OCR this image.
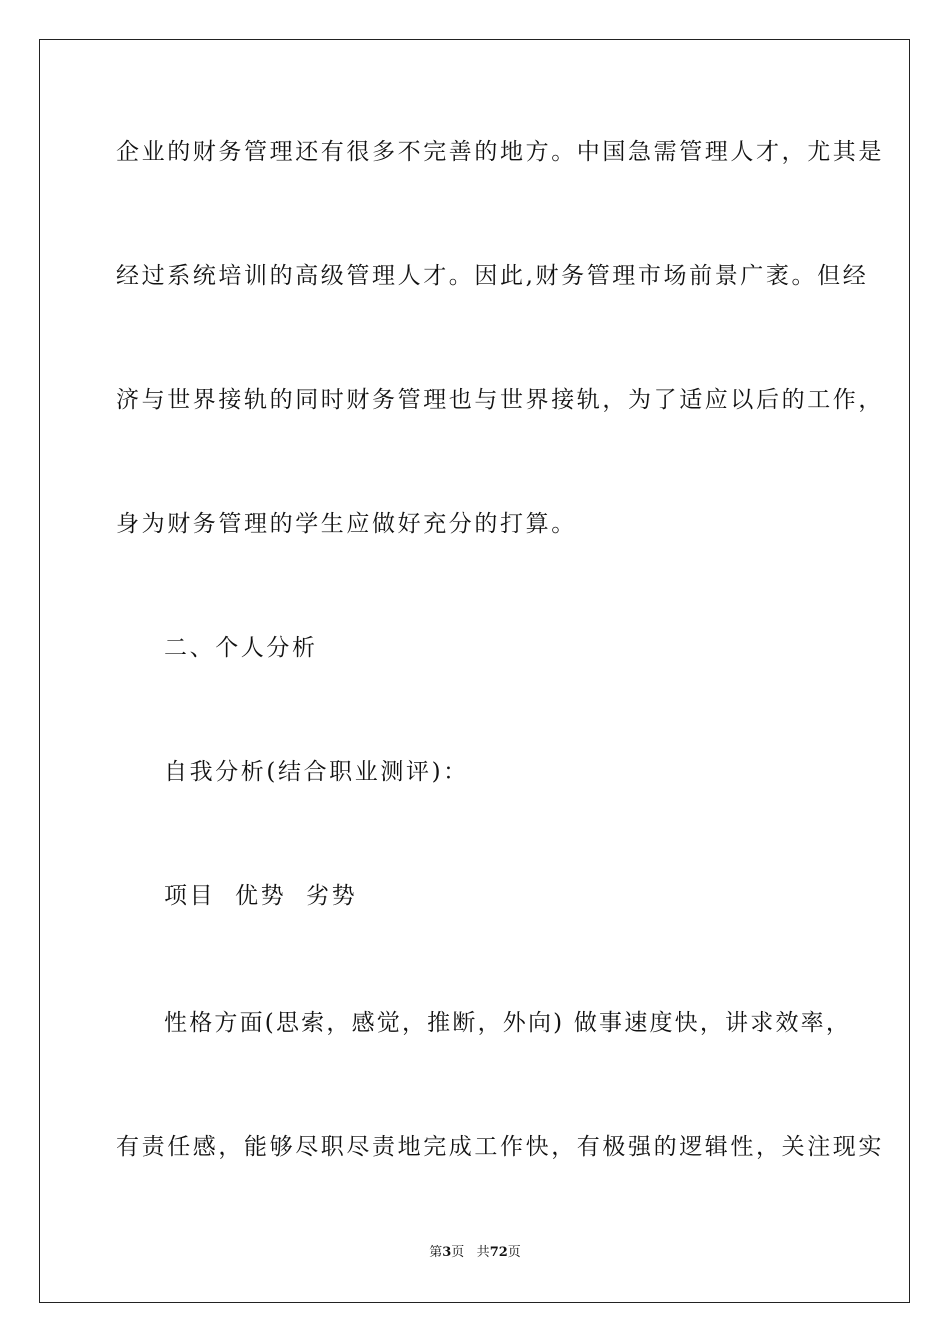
企业的财务管理还有很多不完善的地方。中国急需管理人才，尤其是
经过系统培训的高级管理人才。因此,财务管理市场前景广袤。但经
济与世界接轨的同时财务管理也与世界接轨，为了适应以后的工作，
身为财务管理的学生应做好充分的打算。
二、个人分析
自我分析(结合职业测评)：
项目  优势  劣势
性格方面(思索，感觉，推断，外向) 做事速度快，讲求效率，
有责任感，能够尽职尽责地完成工作快，有极强的逻辑性，关注现实
第3页 共72页
